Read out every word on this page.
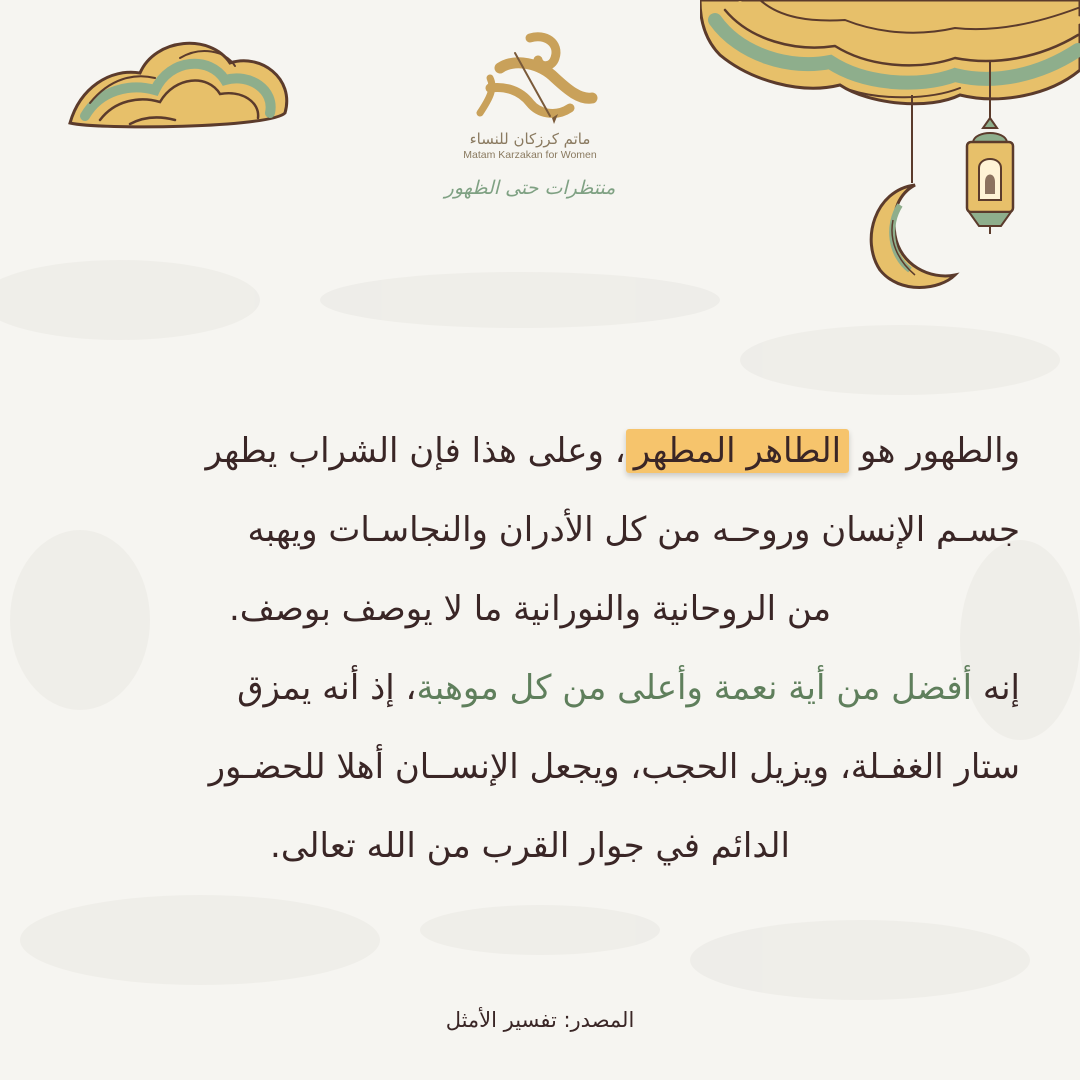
ماتم كرزكان للنساء
Matam Karzakan for Women
منتظرات حتى الظهور
والطهور هو الطاهر المطهر، وعلى هذا فإن الشراب يطهر
جسـم الإنسان وروحـه من كل الأدران والنجاسـات ويهبه
من الروحانية والنورانية ما لا يوصف بوصف.
إنه أفضل من أية نعمة وأعلى من كل موهبة، إذ أنه يمزق
ستار الغفـلة، ويزيل الحجب، ويجعل الإنســان أهلا للحضـور
الدائم في جوار القرب من الله تعالى.
المصدر: تفسير الأمثل
